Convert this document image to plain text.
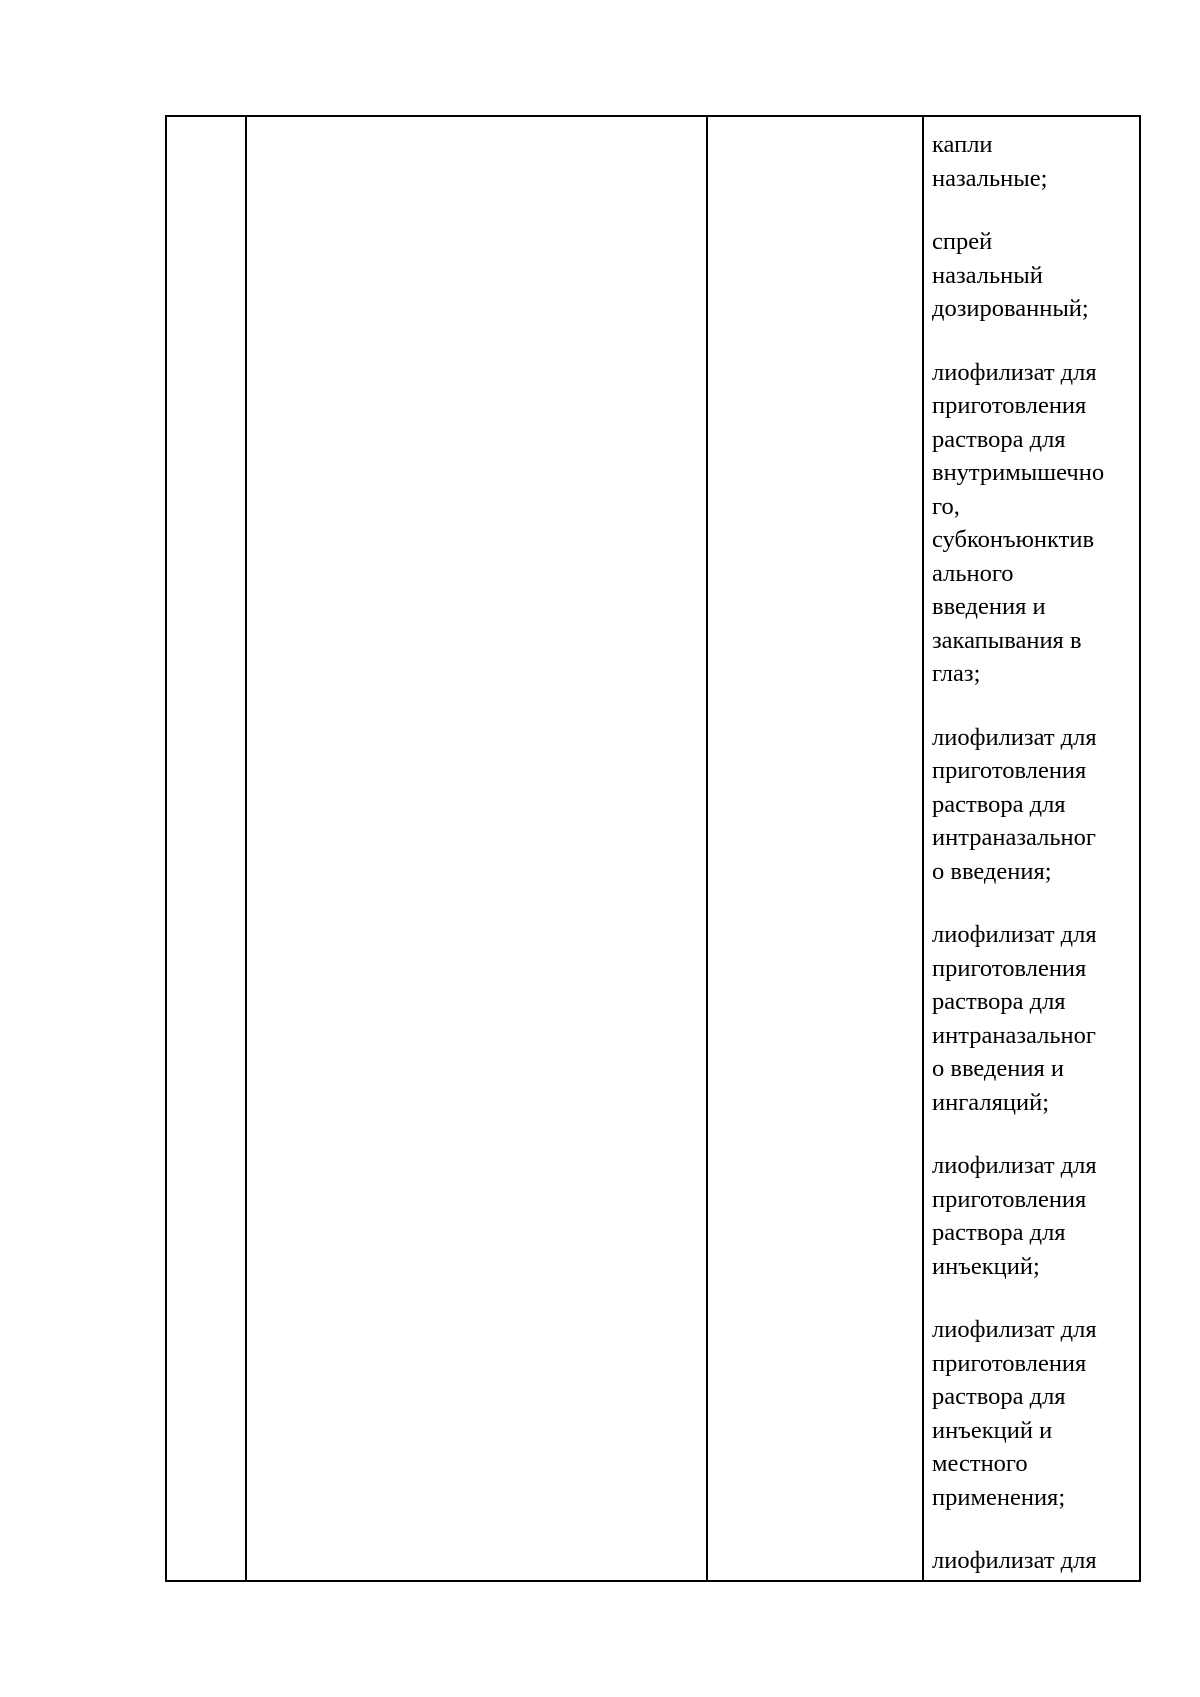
капли
назальные;
спрей
назальный
дозированный;
лиофилизат для
приготовления
раствора для
внутримышечно
го,
субконъюнктив
ального
введения и
закапывания в
глаз;
лиофилизат для
приготовления
раствора для
интраназальног
о введения;
лиофилизат для
приготовления
раствора для
интраназальног
о введения и
ингаляций;
лиофилизат для
приготовления
раствора для
инъекций;
лиофилизат для
приготовления
раствора для
инъекций и
местного
применения;
лиофилизат для
